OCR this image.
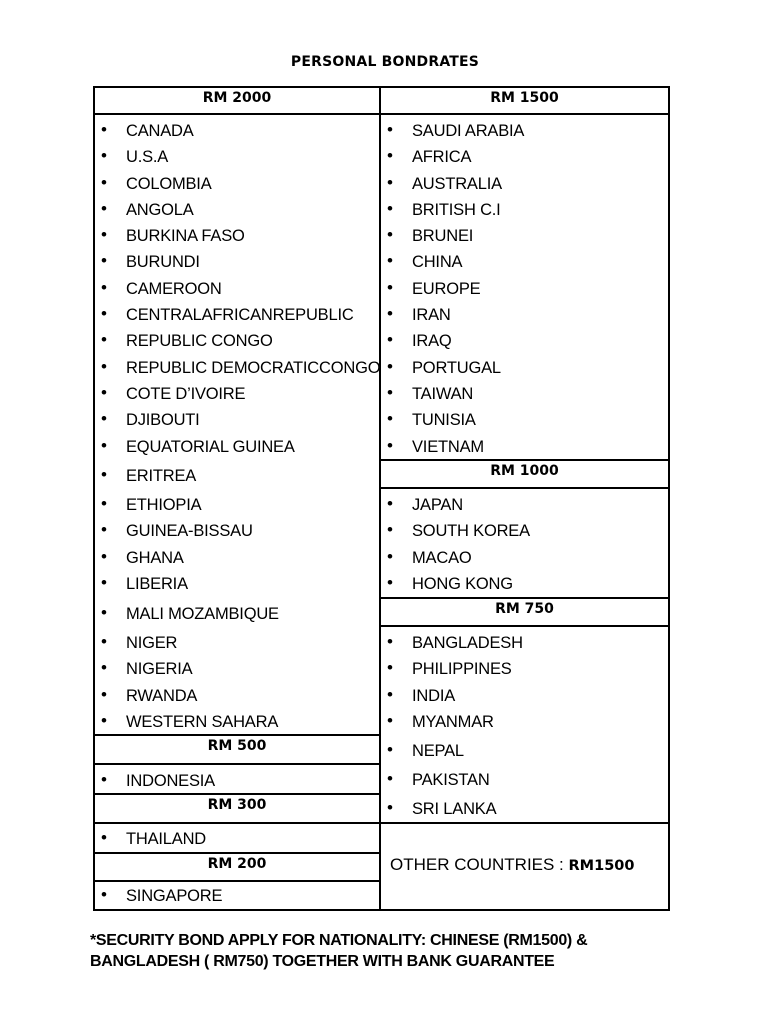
PERSONAL BONDRATES
RM 2000	RM 1500
RM 1000
RM 750
RM 500
RM 300
RM 200
• CANADA
• U.S.A
• COLOMBIA
• ANGOLA
• BURKINA FASO
• BURUNDI
• CAMEROON
• CENTRALAFRICANREPUBLIC
• REPUBLIC CONGO
• REPUBLIC DEMOCRATICCONGO
• COTE D’IVOIRE
• DJIBOUTI
• EQUATORIAL GUINEA
• ERITREA
• ETHIOPIA
• GUINEA-BISSAU
• GHANA
• LIBERIA
• MALI MOZAMBIQUE
• NIGER
• NIGERIA
• RWANDA
• WESTERN SAHARA
• INDONESIA
• THAILAND
• SINGAPORE
• SAUDI ARABIA
• AFRICA
• AUSTRALIA
• BRITISH C.I
• BRUNEI
• CHINA
• EUROPE
• IRAN
• IRAQ
• PORTUGAL
• TAIWAN
• TUNISIA
• VIETNAM
• JAPAN
• SOUTH KOREA
• MACAO
• HONG KONG
• BANGLADESH
• PHILIPPINES
• INDIA
• MYANMAR
• NEPAL
• PAKISTAN
• SRI LANKA
OTHER COUNTRIES : RM1500
*SECURITY BOND APPLY FOR NATIONALITY: CHINESE (RM1500) &
BANGLADESH ( RM750) TOGETHER WITH BANK GUARANTEE
